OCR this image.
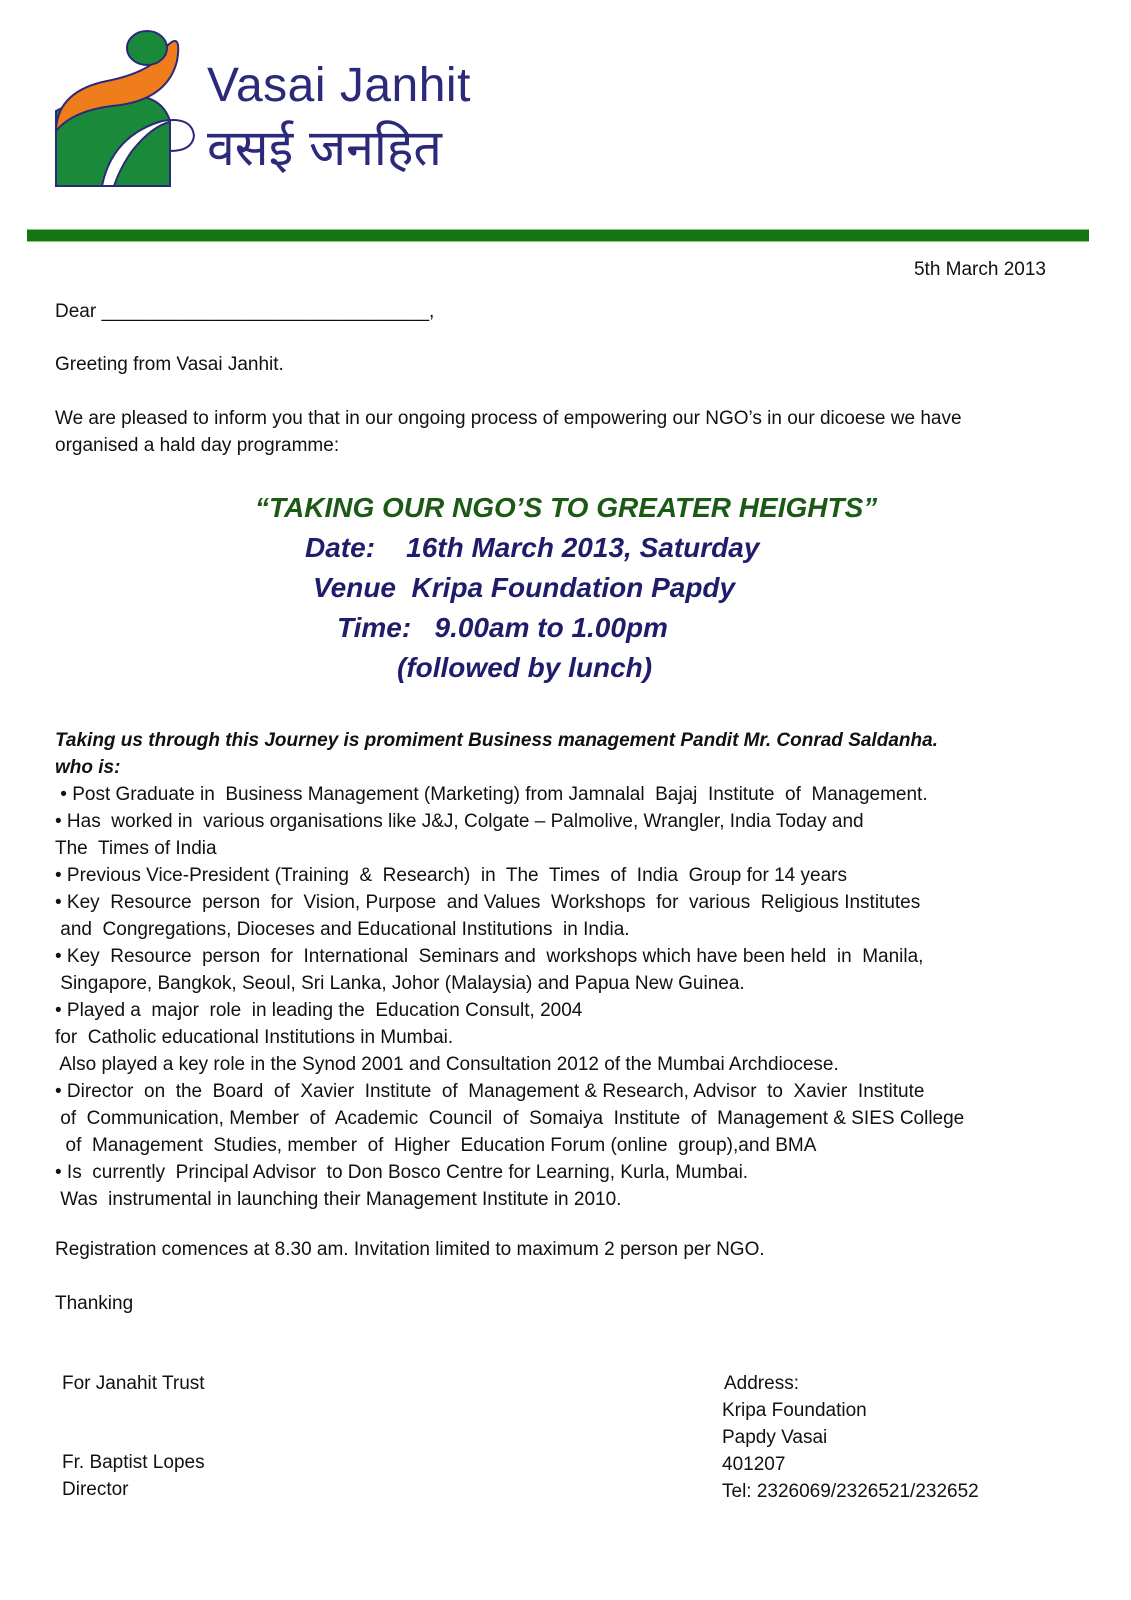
Vasai Janhit
वसई जनहित
5th March 2013
Dear _______________________________,
Greeting from Vasai Janhit.
We are pleased to inform you that in our ongoing process of empowering our NGO’s in our dicoese we have
organised a hald day programme:
“TAKING OUR NGO’S TO GREATER HEIGHTS”
Date:    16th March 2013, Saturday
Venue  Kripa Foundation Papdy
Time:   9.00am to 1.00pm
(followed by lunch)
Taking us through this Journey is promiment Business management Pandit Mr. Conrad Saldanha.
who is:
• Post Graduate in  Business Management (Marketing) from Jamnalal  Bajaj  Institute  of  Management.
• Has  worked in  various organisations like J&J, Colgate – Palmolive, Wrangler, India Today and
The  Times of India
• Previous Vice-President (Training  &  Research)  in  The  Times  of  India  Group for 14 years
• Key  Resource  person  for  Vision, Purpose  and Values  Workshops  for  various  Religious Institutes
and  Congregations, Dioceses and Educational Institutions  in India.
• Key  Resource  person  for  International  Seminars and  workshops which have been held  in  Manila,
Singapore, Bangkok, Seoul, Sri Lanka, Johor (Malaysia) and Papua New Guinea.
• Played a  major  role  in leading the  Education Consult, 2004
for  Catholic educational Institutions in Mumbai.
Also played a key role in the Synod 2001 and Consultation 2012 of the Mumbai Archdiocese.
• Director  on  the  Board  of  Xavier  Institute  of  Management & Research, Advisor  to  Xavier  Institute
of  Communication, Member  of  Academic  Council  of  Somaiya  Institute  of  Management & SIES College
of  Management  Studies, member  of  Higher  Education Forum (online  group),and BMA
• Is  currently  Principal Advisor  to Don Bosco Centre for Learning, Kurla, Mumbai.
Was  instrumental in launching their Management Institute in 2010.
Registration comences at 8.30 am. Invitation limited to maximum 2 person per NGO.
Thanking
For Janahit Trust
Fr. Baptist Lopes
Director
Address:
Kripa Foundation
Papdy Vasai
401207
Tel: 2326069/2326521/232652
